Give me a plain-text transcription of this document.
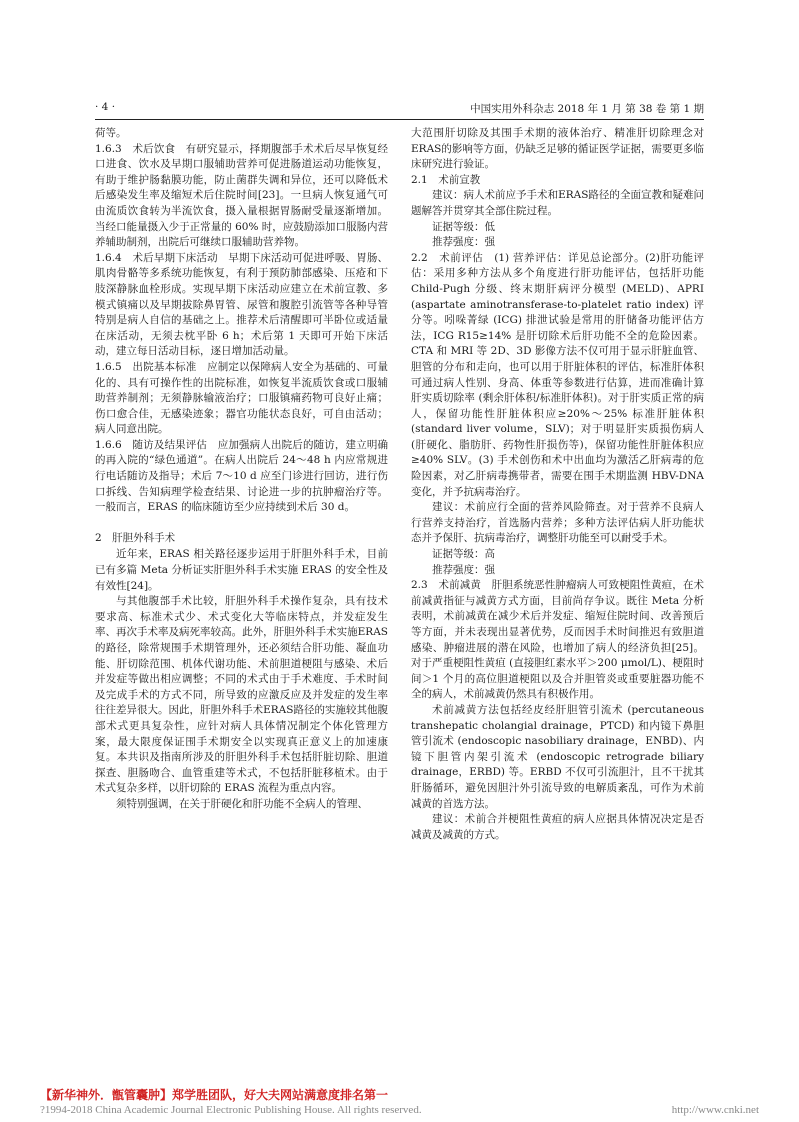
· 4 ·	中国实用外科杂志 2018 年 1 月 第 38 卷 第 1 期

荷等。

1.6.3　术后饮食　有研究显示，择期腹部手术术后尽早恢复经口进食、饮水及早期口服辅助营养可促进肠道运动功能恢复，有助于维护肠黏膜功能，防止菌群失调和异位，还可以降低术后感染发生率及缩短术后住院时间[23]。一旦病人恢复通气可由流质饮食转为半流饮食，摄入量根据胃肠耐受量逐渐增加。当经口能量摄入少于正常量的 60% 时，应鼓励添加口服肠内营养辅助制剂，出院后可继续口服辅助营养物。

1.6.4　术后早期下床活动　早期下床活动可促进呼吸、胃肠、肌肉骨骼等多系统功能恢复，有利于预防肺部感染、压疮和下肢深静脉血栓形成。实现早期下床活动应建立在术前宣教、多模式镇痛以及早期拔除鼻胃管、尿管和腹腔引流管等各种导管特别是病人自信的基础之上。推荐术后清醒即可半卧位或适量在床活动，无须去枕平卧 6 h；术后第 1 天即可开始下床活动，建立每日活动目标，逐日增加活动量。

1.6.5　出院基本标准　应制定以保障病人安全为基础的、可量化的、具有可操作性的出院标准，如恢复半流质饮食或口服辅助营养制剂；无须静脉输液治疗；口服镇痛药物可良好止痛；伤口愈合佳，无感染迹象；器官功能状态良好，可自由活动；病人同意出院。

1.6.6　随访及结果评估　应加强病人出院后的随访，建立明确的再入院的“绿色通道”。在病人出院后 24～48 h 内应常规进行电话随访及指导；术后 7～10 d 应至门诊进行回访，进行伤口拆线、告知病理学检查结果、讨论进一步的抗肿瘤治疗等。一般而言，ERAS 的临床随访至少应持续到术后 30 d。

2　肝胆外科手术

近年来，ERAS 相关路径逐步运用于肝胆外科手术，目前已有多篇 Meta 分析证实肝胆外科手术实施 ERAS 的安全性及有效性[24]。

与其他腹部手术比较，肝胆外科手术操作复杂，具有技术要求高、标准术式少、术式变化大等临床特点，并发症发生率、再次手术率及病死率较高。此外，肝胆外科手术实施ERAS的路径，除常规围手术期管理外，还必须结合肝功能、凝血功能、肝切除范围、机体代谢功能、术前胆道梗阻与感染、术后并发症等做出相应调整；不同的术式由于手术难度、手术时间及完成手术的方式不同，所导致的应激反应及并发症的发生率往往差异很大。因此，肝胆外科手术ERAS路径的实施较其他腹部术式更具复杂性，应针对病人具体情况制定个体化管理方案，最大限度保证围手术期安全以实现真正意义上的加速康复。本共识及指南所涉及的肝胆外科手术包括肝脏切除、胆道探查、胆肠吻合、血管重建等术式，不包括肝脏移植术。由于术式复杂多样，以肝切除的 ERAS 流程为重点内容。

须特别强调，在关于肝硬化和肝功能不全病人的管理、

大范围肝切除及其围手术期的液体治疗、精准肝切除理念对ERAS的影响等方面，仍缺乏足够的循证医学证据，需要更多临床研究进行验证。

2.1　术前宣教

建议：病人术前应予手术和ERAS路径的全面宣教和疑难问题解答并贯穿其全部住院过程。

证据等级：低

推荐强度：强

2.2　术前评估　(1) 营养评估：详见总论部分。(2)肝功能评估：采用多种方法从多个角度进行肝功能评估，包括肝功能 Child-Pugh 分级、终末期肝病评分模型 (MELD)、APRI (aspartate aminotransferase-to-platelet ratio index) 评分等。吲哚菁绿 (ICG) 排泄试验是常用的肝储备功能评估方法，ICG R15≥14% 是肝切除术后肝功能不全的危险因素。CTA 和 MRI 等 2D、3D 影像方法不仅可用于显示肝脏血管、胆管的分布和走向，也可以用于肝脏体积的评估，标准肝体积可通过病人性别、身高、体重等参数进行估算，进而准确计算肝实质切除率 (剩余肝体积/标准肝体积)。对于肝实质正常的病人，保留功能性肝脏体积应≥20%～25% 标准肝脏体积 (standard liver volume，SLV)；对于明显肝实质损伤病人 (肝硬化、脂肪肝、药物性肝损伤等)，保留功能性肝脏体积应≥40% SLV。(3) 手术创伤和术中出血均为激活乙肝病毒的危险因素，对乙肝病毒携带者，需要在围手术期监测 HBV-DNA 变化，并予抗病毒治疗。

建议：术前应行全面的营养风险筛查。对于营养不良病人行营养支持治疗，首选肠内营养；多种方法评估病人肝功能状态并予保肝、抗病毒治疗，调整肝功能至可以耐受手术。

证据等级：高

推荐强度：强

2.3　术前减黄　肝胆系统恶性肿瘤病人可致梗阻性黄疸，在术前减黄指征与减黄方式方面，目前尚存争议。既往 Meta 分析表明，术前减黄在减少术后并发症、缩短住院时间、改善预后等方面，并未表现出显著优势，反而因手术时间推迟有致胆道感染、肿瘤进展的潜在风险，也增加了病人的经济负担[25]。对于严重梗阻性黄疸 (直接胆红素水平＞200 μmol/L)、梗阻时间＞1 个月的高位胆道梗阻以及合并胆管炎或重要脏器功能不全的病人，术前减黄仍然具有积极作用。

术前减黄方法包括经皮经肝胆管引流术 (percutaneous transhepatic cholangial drainage，PTCD) 和内镜下鼻胆管引流术 (endoscopic nasobiliary drainage，ENBD)、内镜下胆管内架引流术 (endoscopic retrograde biliary drainage，ERBD) 等。ERBD 不仅可引流胆汁，且不干扰其肝肠循环，避免因胆汁外引流导致的电解质紊乱，可作为术前减黄的首选方法。

建议：术前合并梗阻性黄疸的病人应据具体情况决定是否减黄及减黄的方式。

【新华神外．甑管囊肿】郑学胜团队，好大夫网站满意度排名第一
?1994-2018 China Academic Journal Electronic Publishing House. All rights reserved.	http://www.cnki.net
